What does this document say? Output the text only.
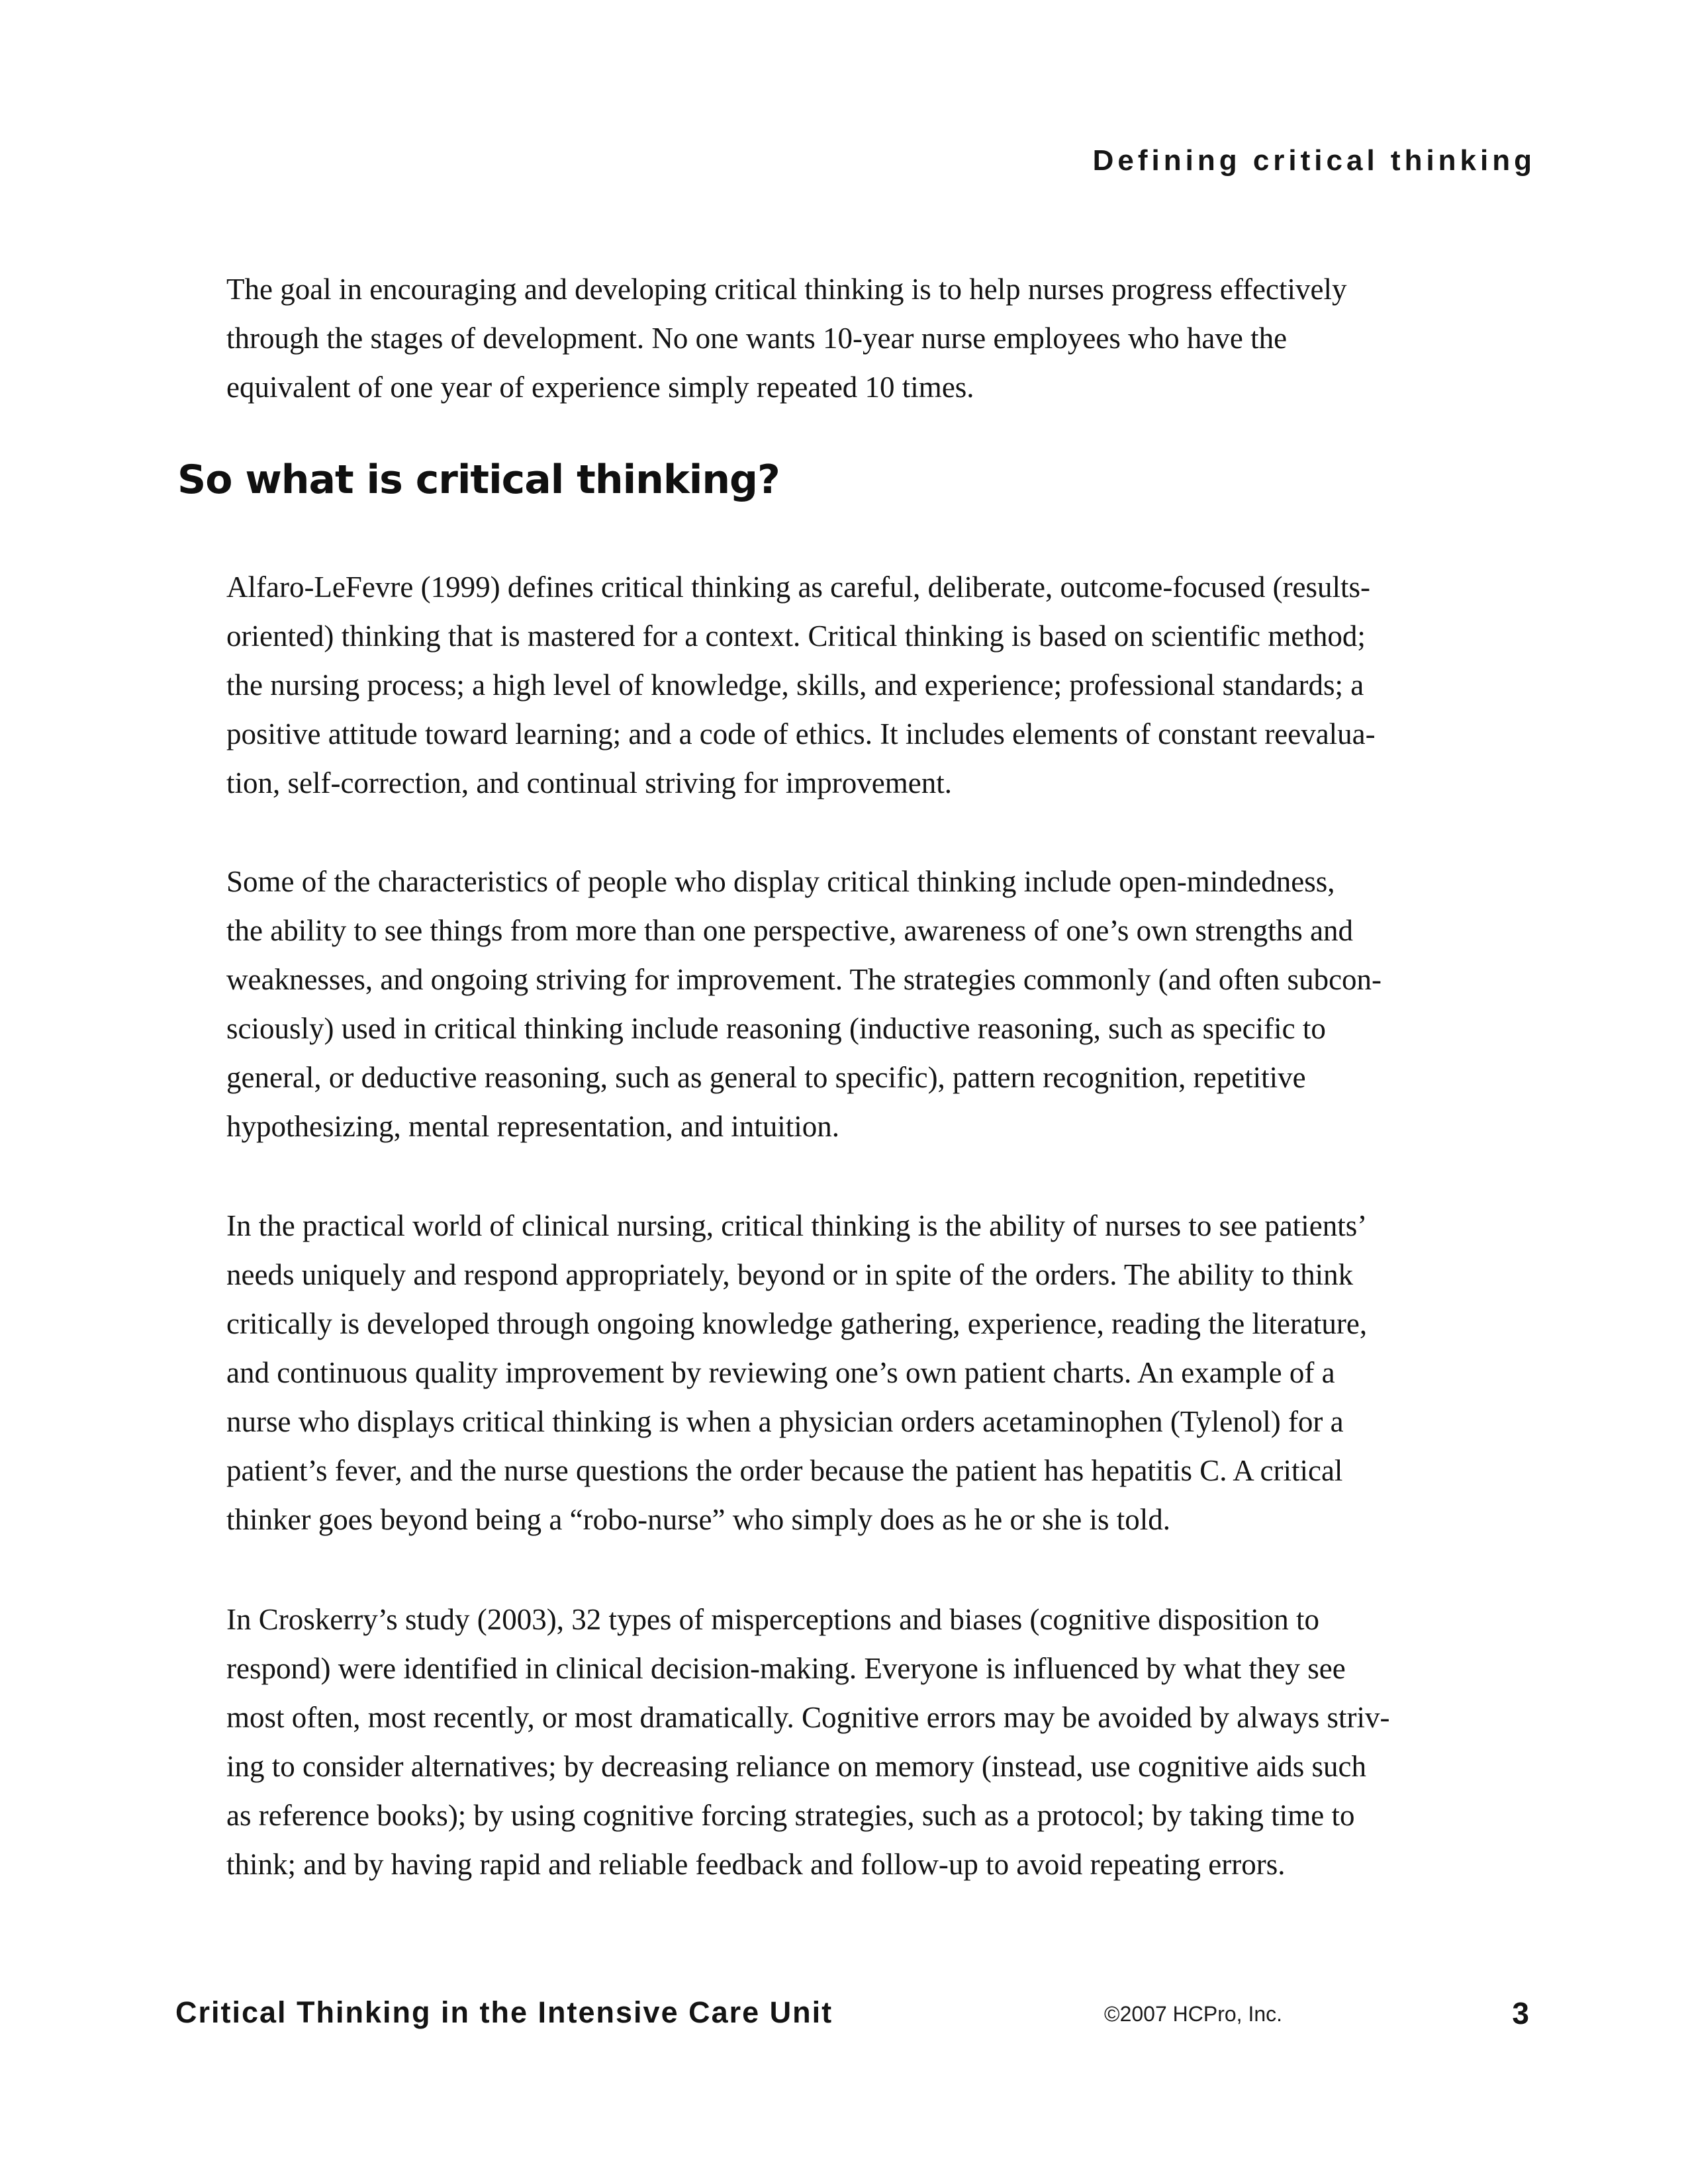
Defining critical thinking
The goal in encouraging and developing critical thinking is to help nurses progress effectively
through the stages of development. No one wants 10-year nurse employees who have the
equivalent of one year of experience simply repeated 10 times.
So what is critical thinking?
Alfaro-LeFevre (1999) defines critical thinking as careful, deliberate, outcome-focused (results-
oriented) thinking that is mastered for a context. Critical thinking is based on scientific method;
the nursing process; a high level of knowledge, skills, and experience; professional standards; a
positive attitude toward learning; and a code of ethics. It includes elements of constant reevalua-
tion, self-correction, and continual striving for improvement.
Some of the characteristics of people who display critical thinking include open-mindedness,
the ability to see things from more than one perspective, awareness of one’s own strengths and
weaknesses, and ongoing striving for improvement. The strategies commonly (and often subcon-
sciously) used in critical thinking include reasoning (inductive reasoning, such as specific to
general, or deductive reasoning, such as general to specific), pattern recognition, repetitive
hypothesizing, mental representation, and intuition.
In the practical world of clinical nursing, critical thinking is the ability of nurses to see patients’
needs uniquely and respond appropriately, beyond or in spite of the orders. The ability to think
critically is developed through ongoing knowledge gathering, experience, reading the literature,
and continuous quality improvement by reviewing one’s own patient charts. An example of a
nurse who displays critical thinking is when a physician orders acetaminophen (Tylenol) for a
patient’s fever, and the nurse questions the order because the patient has hepatitis C. A critical
thinker goes beyond being a “robo-nurse” who simply does as he or she is told.
In Croskerry’s study (2003), 32 types of misperceptions and biases (cognitive disposition to
respond) were identified in clinical decision-making. Everyone is influenced by what they see
most often, most recently, or most dramatically. Cognitive errors may be avoided by always striv-
ing to consider alternatives; by decreasing reliance on memory (instead, use cognitive aids such
as reference books); by using cognitive forcing strategies, such as a protocol; by taking time to
think; and by having rapid and reliable feedback and follow-up to avoid repeating errors.
Critical Thinking in the Intensive Care Unit	©2007 HCPro, Inc.	3
